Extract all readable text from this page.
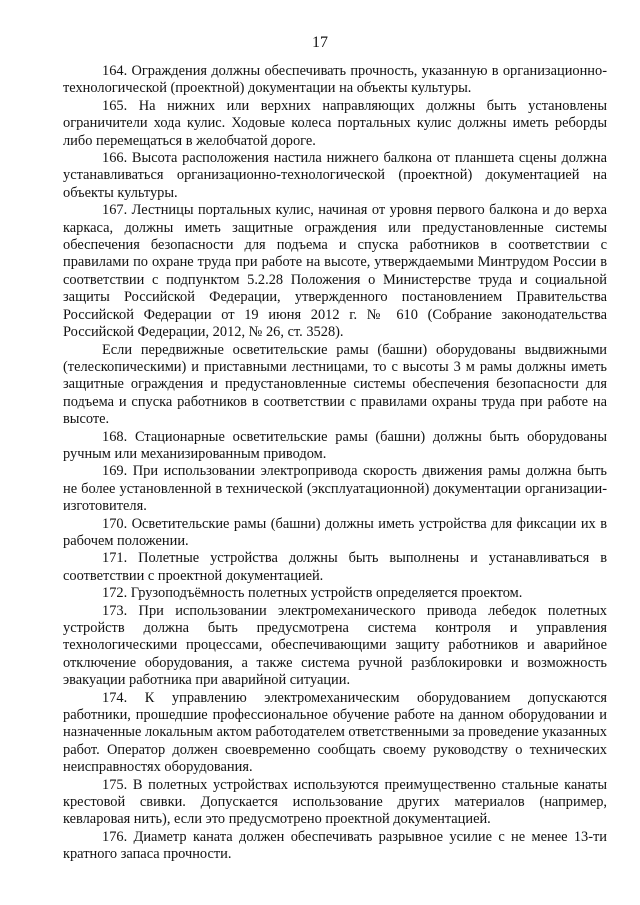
17

164. Ограждения должны обеспечивать прочность, указанную в организационно-технологической (проектной) документации на объекты культуры.

165. На нижних или верхних направляющих должны быть установлены ограничители хода кулис. Ходовые колеса портальных кулис должны иметь реборды либо перемещаться в желобчатой дороге.

166. Высота расположения настила нижнего балкона от планшета сцены должна устанавливаться организационно-технологической (проектной) документацией на объекты культуры.

167. Лестницы портальных кулис, начиная от уровня первого балкона и до верха каркаса, должны иметь защитные ограждения или предустановленные системы обеспечения безопасности для подъема и спуска работников в соответствии с правилами по охране труда при работе на высоте, утверждаемыми Минтрудом России в соответствии с подпунктом 5.2.28 Положения о Министерстве труда и социальной защиты Российской Федерации, утвержденного постановлением Правительства Российской Федерации от 19 июня 2012 г. № 610 (Собрание законодательства Российской Федерации, 2012, № 26, ст. 3528).

Если передвижные осветительские рамы (башни) оборудованы выдвижными (телескопическими) и приставными лестницами, то с высоты 3 м рамы должны иметь защитные ограждения и предустановленные системы обеспечения безопасности для подъема и спуска работников в соответствии с правилами охраны труда при работе на высоте.

168. Стационарные осветительские рамы (башни) должны быть оборудованы ручным или механизированным приводом.

169. При использовании электропривода скорость движения рамы должна быть не более установленной в технической (эксплуатационной) документации организации-изготовителя.

170. Осветительские рамы (башни) должны иметь устройства для фиксации их в рабочем положении.

171. Полетные устройства должны быть выполнены и устанавливаться в соответствии с проектной документацией.

172. Грузоподъёмность полетных устройств определяется проектом.

173. При использовании электромеханического привода лебедок полетных устройств должна быть предусмотрена система контроля и управления технологическими процессами, обеспечивающими защиту работников и аварийное отключение оборудования, а также система ручной разблокировки и возможность эвакуации работника при аварийной ситуации.

174. К управлению электромеханическим оборудованием допускаются работники, прошедшие профессиональное обучение работе на данном оборудовании и назначенные локальным актом работодателем ответственными за проведение указанных работ. Оператор должен своевременно сообщать своему руководству о технических неисправностях оборудования.

175. В полетных устройствах используются преимущественно стальные канаты крестовой свивки. Допускается использование других материалов (например, кевларовая нить), если это предусмотрено проектной документацией.

176. Диаметр каната должен обеспечивать разрывное усилие с не менее 13-ти кратного запаса прочности.
